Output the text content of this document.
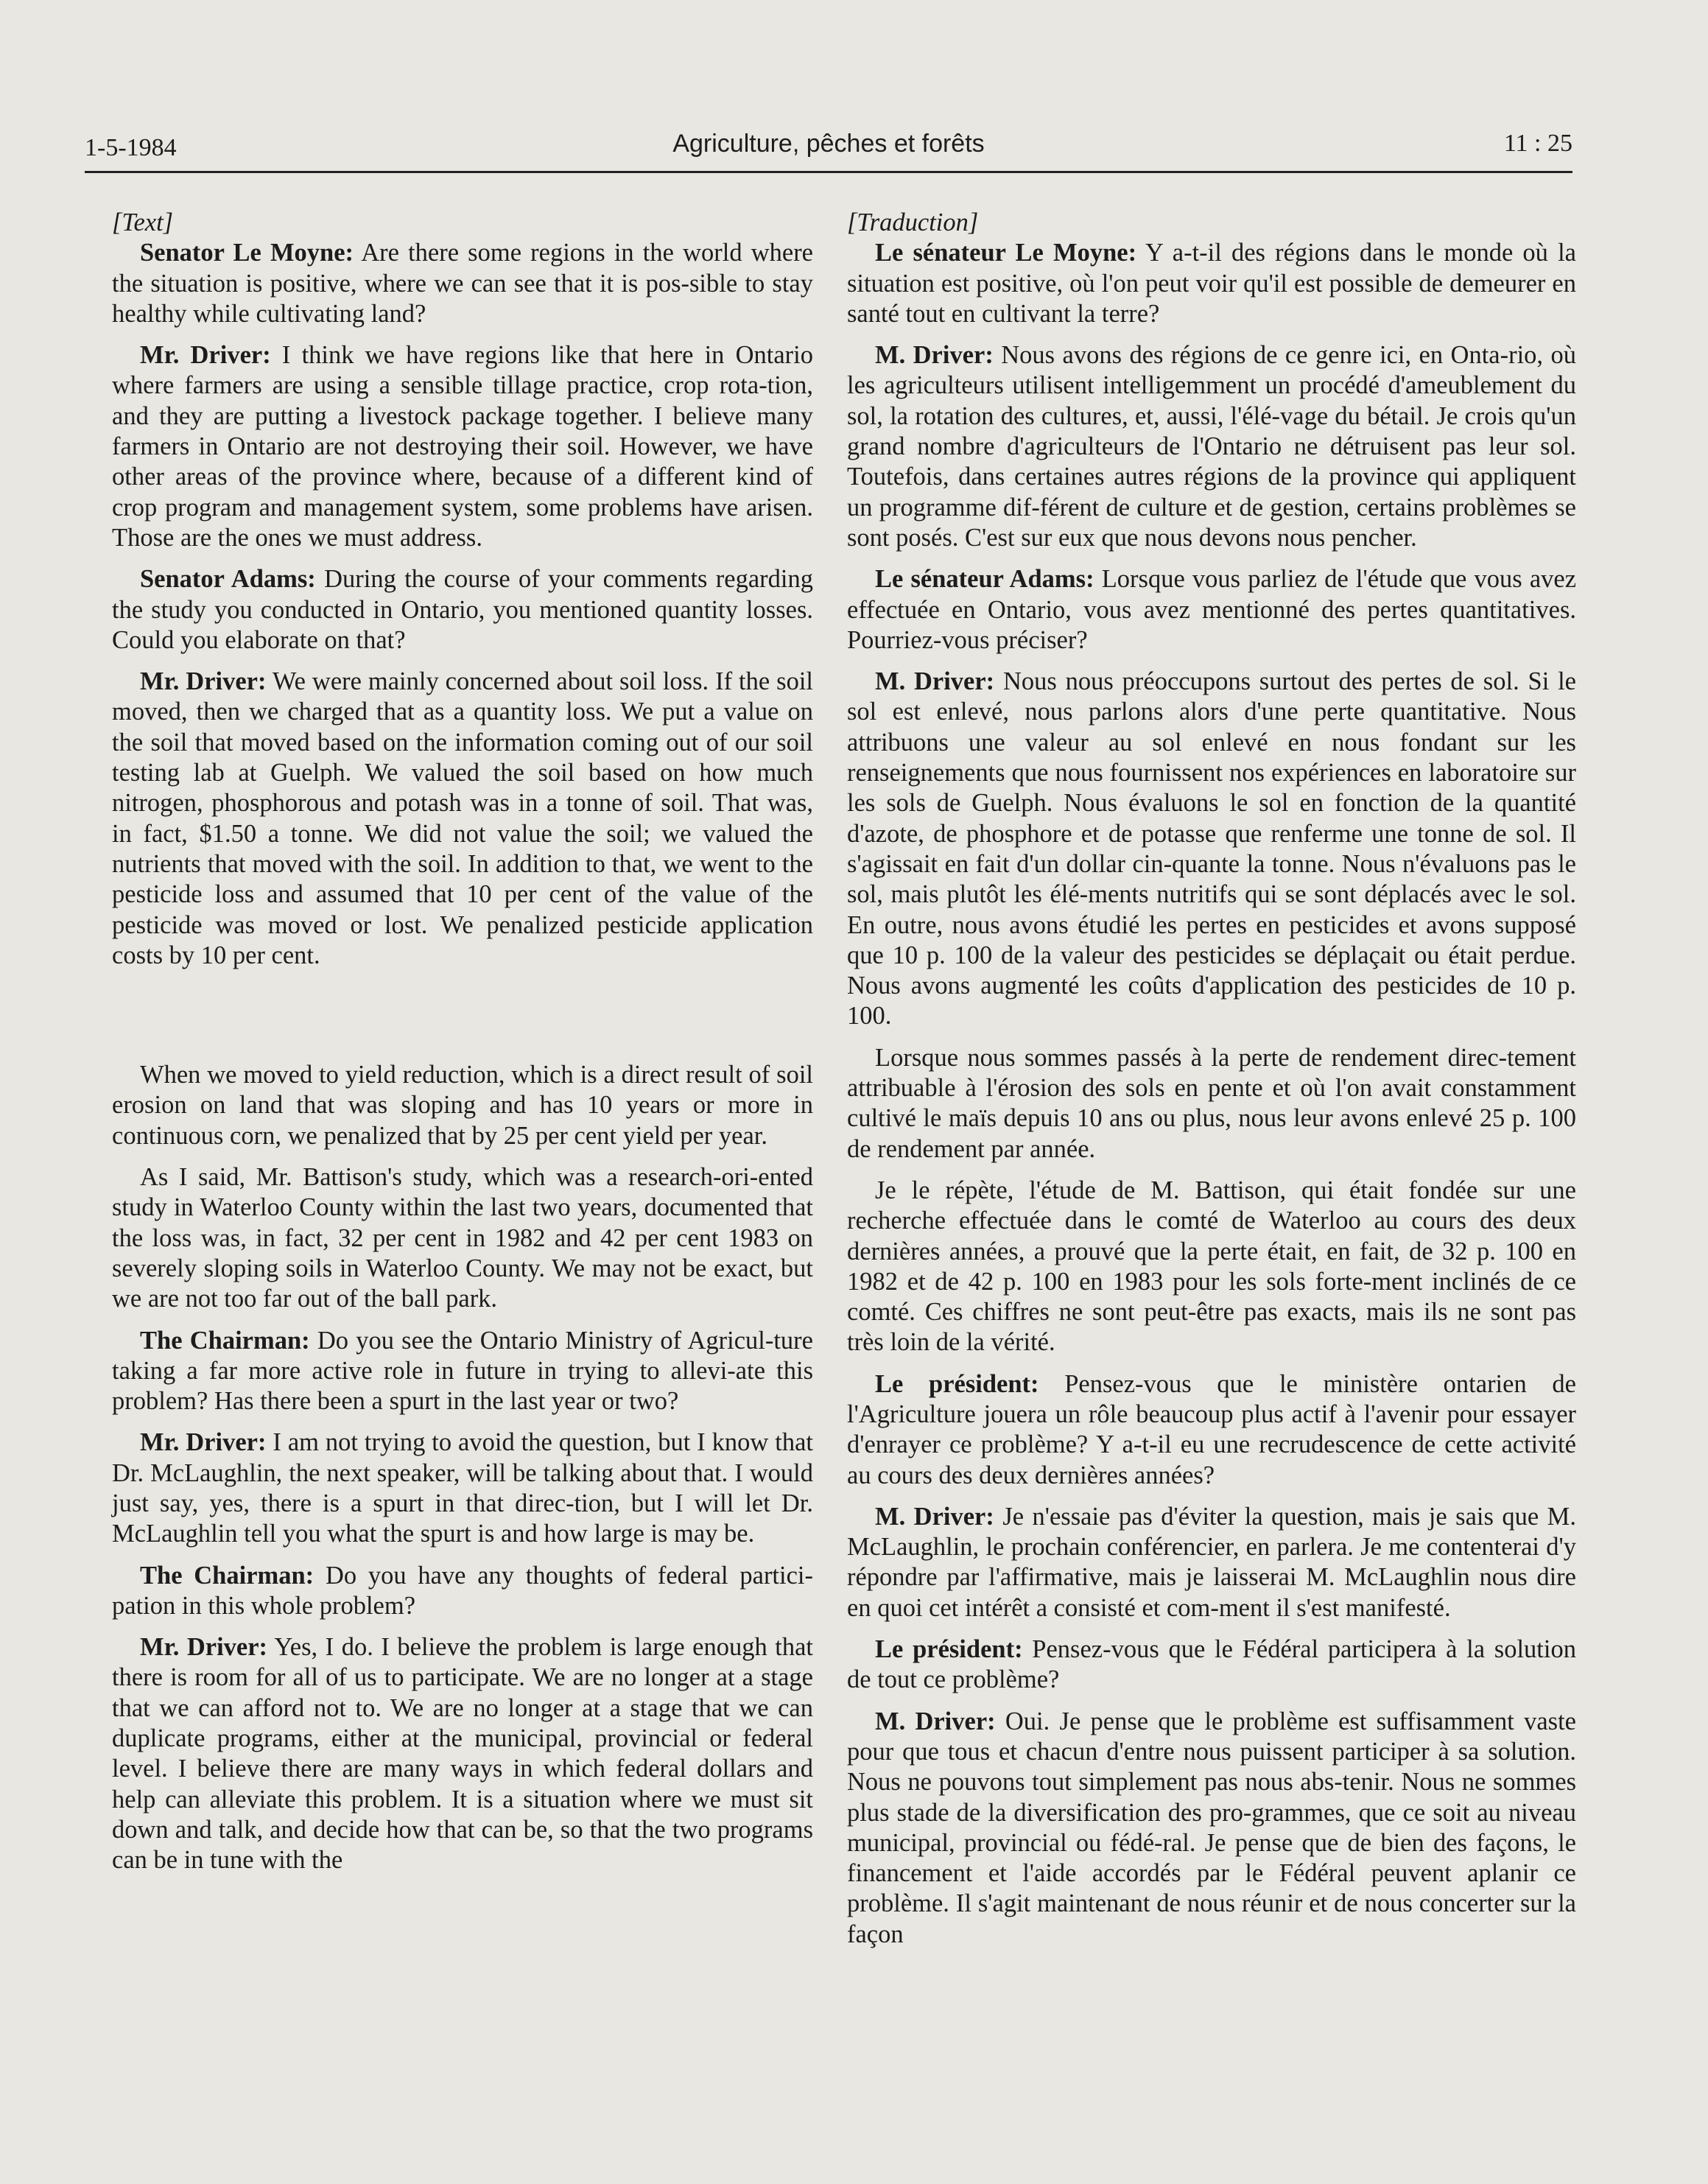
1-5-1984	Agriculture, pêches et forêts	11 : 25
[Text]

Senator Le Moyne: Are there some regions in the world where the situation is positive, where we can see that it is pos-sible to stay healthy while cultivating land?

Mr. Driver: I think we have regions like that here in Ontario where farmers are using a sensible tillage practice, crop rota-tion, and they are putting a livestock package together. I believe many farmers in Ontario are not destroying their soil. However, we have other areas of the province where, because of a different kind of crop program and management system, some problems have arisen. Those are the ones we must address.

Senator Adams: During the course of your comments regarding the study you conducted in Ontario, you mentioned quantity losses. Could you elaborate on that?

Mr. Driver: We were mainly concerned about soil loss. If the soil moved, then we charged that as a quantity loss. We put a value on the soil that moved based on the information coming out of our soil testing lab at Guelph. We valued the soil based on how much nitrogen, phosphorous and potash was in a tonne of soil. That was, in fact, $1.50 a tonne. We did not value the soil; we valued the nutrients that moved with the soil. In addition to that, we went to the pesticide loss and assumed that 10 per cent of the value of the pesticide was moved or lost. We penalized pesticide application costs by 10 per cent.

When we moved to yield reduction, which is a direct result of soil erosion on land that was sloping and has 10 years or more in continuous corn, we penalized that by 25 per cent yield per year.

As I said, Mr. Battison's study, which was a research-ori-ented study in Waterloo County within the last two years, documented that the loss was, in fact, 32 per cent in 1982 and 42 per cent 1983 on severely sloping soils in Waterloo County. We may not be exact, but we are not too far out of the ball park.

The Chairman: Do you see the Ontario Ministry of Agricul-ture taking a far more active role in future in trying to allevi-ate this problem? Has there been a spurt in the last year or two?

Mr. Driver: I am not trying to avoid the question, but I know that Dr. McLaughlin, the next speaker, will be talking about that. I would just say, yes, there is a spurt in that direc-tion, but I will let Dr. McLaughlin tell you what the spurt is and how large is may be.

The Chairman: Do you have any thoughts of federal partici-pation in this whole problem?

Mr. Driver: Yes, I do. I believe the problem is large enough that there is room for all of us to participate. We are no longer at a stage that we can afford not to. We are no longer at a stage that we can duplicate programs, either at the municipal, provincial or federal level. I believe there are many ways in which federal dollars and help can alleviate this problem. It is a situation where we must sit down and talk, and decide how that can be, so that the two programs can be in tune with the

[Traduction]

Le sénateur Le Moyne: Y a-t-il des régions dans le monde où la situation est positive, où l'on peut voir qu'il est possible de demeurer en santé tout en cultivant la terre?

M. Driver: Nous avons des régions de ce genre ici, en Onta-rio, où les agriculteurs utilisent intelligemment un procédé d'ameublement du sol, la rotation des cultures, et, aussi, l'élé-vage du bétail. Je crois qu'un grand nombre d'agriculteurs de l'Ontario ne détruisent pas leur sol. Toutefois, dans certaines autres régions de la province qui appliquent un programme dif-férent de culture et de gestion, certains problèmes se sont posés. C'est sur eux que nous devons nous pencher.

Le sénateur Adams: Lorsque vous parliez de l'étude que vous avez effectuée en Ontario, vous avez mentionné des pertes quantitatives. Pourriez-vous préciser?

M. Driver: Nous nous préoccupons surtout des pertes de sol. Si le sol est enlevé, nous parlons alors d'une perte quantitative. Nous attribuons une valeur au sol enlevé en nous fondant sur les renseignements que nous fournissent nos expériences en laboratoire sur les sols de Guelph. Nous évaluons le sol en fonction de la quantité d'azote, de phosphore et de potasse que renferme une tonne de sol. Il s'agissait en fait d'un dollar cin-quante la tonne. Nous n'évaluons pas le sol, mais plutôt les élé-ments nutritifs qui se sont déplacés avec le sol. En outre, nous avons étudié les pertes en pesticides et avons supposé que 10 p. 100 de la valeur des pesticides se déplaçait ou était perdue. Nous avons augmenté les coûts d'application des pesticides de 10 p. 100.

Lorsque nous sommes passés à la perte de rendement direc-tement attribuable à l'érosion des sols en pente et où l'on avait constamment cultivé le maïs depuis 10 ans ou plus, nous leur avons enlevé 25 p. 100 de rendement par année.

Je le répète, l'étude de M. Battison, qui était fondée sur une recherche effectuée dans le comté de Waterloo au cours des deux dernières années, a prouvé que la perte était, en fait, de 32 p. 100 en 1982 et de 42 p. 100 en 1983 pour les sols forte-ment inclinés de ce comté. Ces chiffres ne sont peut-être pas exacts, mais ils ne sont pas très loin de la vérité.

Le président: Pensez-vous que le ministère ontarien de l'Agriculture jouera un rôle beaucoup plus actif à l'avenir pour essayer d'enrayer ce problème? Y a-t-il eu une recrudescence de cette activité au cours des deux dernières années?

M. Driver: Je n'essaie pas d'éviter la question, mais je sais que M. McLaughlin, le prochain conférencier, en parlera. Je me contenterai d'y répondre par l'affirmative, mais je laisserai M. McLaughlin nous dire en quoi cet intérêt a consisté et com-ment il s'est manifesté.

Le président: Pensez-vous que le Fédéral participera à la solution de tout ce problème?

M. Driver: Oui. Je pense que le problème est suffisamment vaste pour que tous et chacun d'entre nous puissent participer à sa solution. Nous ne pouvons tout simplement pas nous abs-tenir. Nous ne sommes plus stade de la diversification des pro-grammes, que ce soit au niveau municipal, provincial ou fédé-ral. Je pense que de bien des façons, le financement et l'aide accordés par le Fédéral peuvent aplanir ce problème. Il s'agit maintenant de nous réunir et de nous concerter sur la façon
